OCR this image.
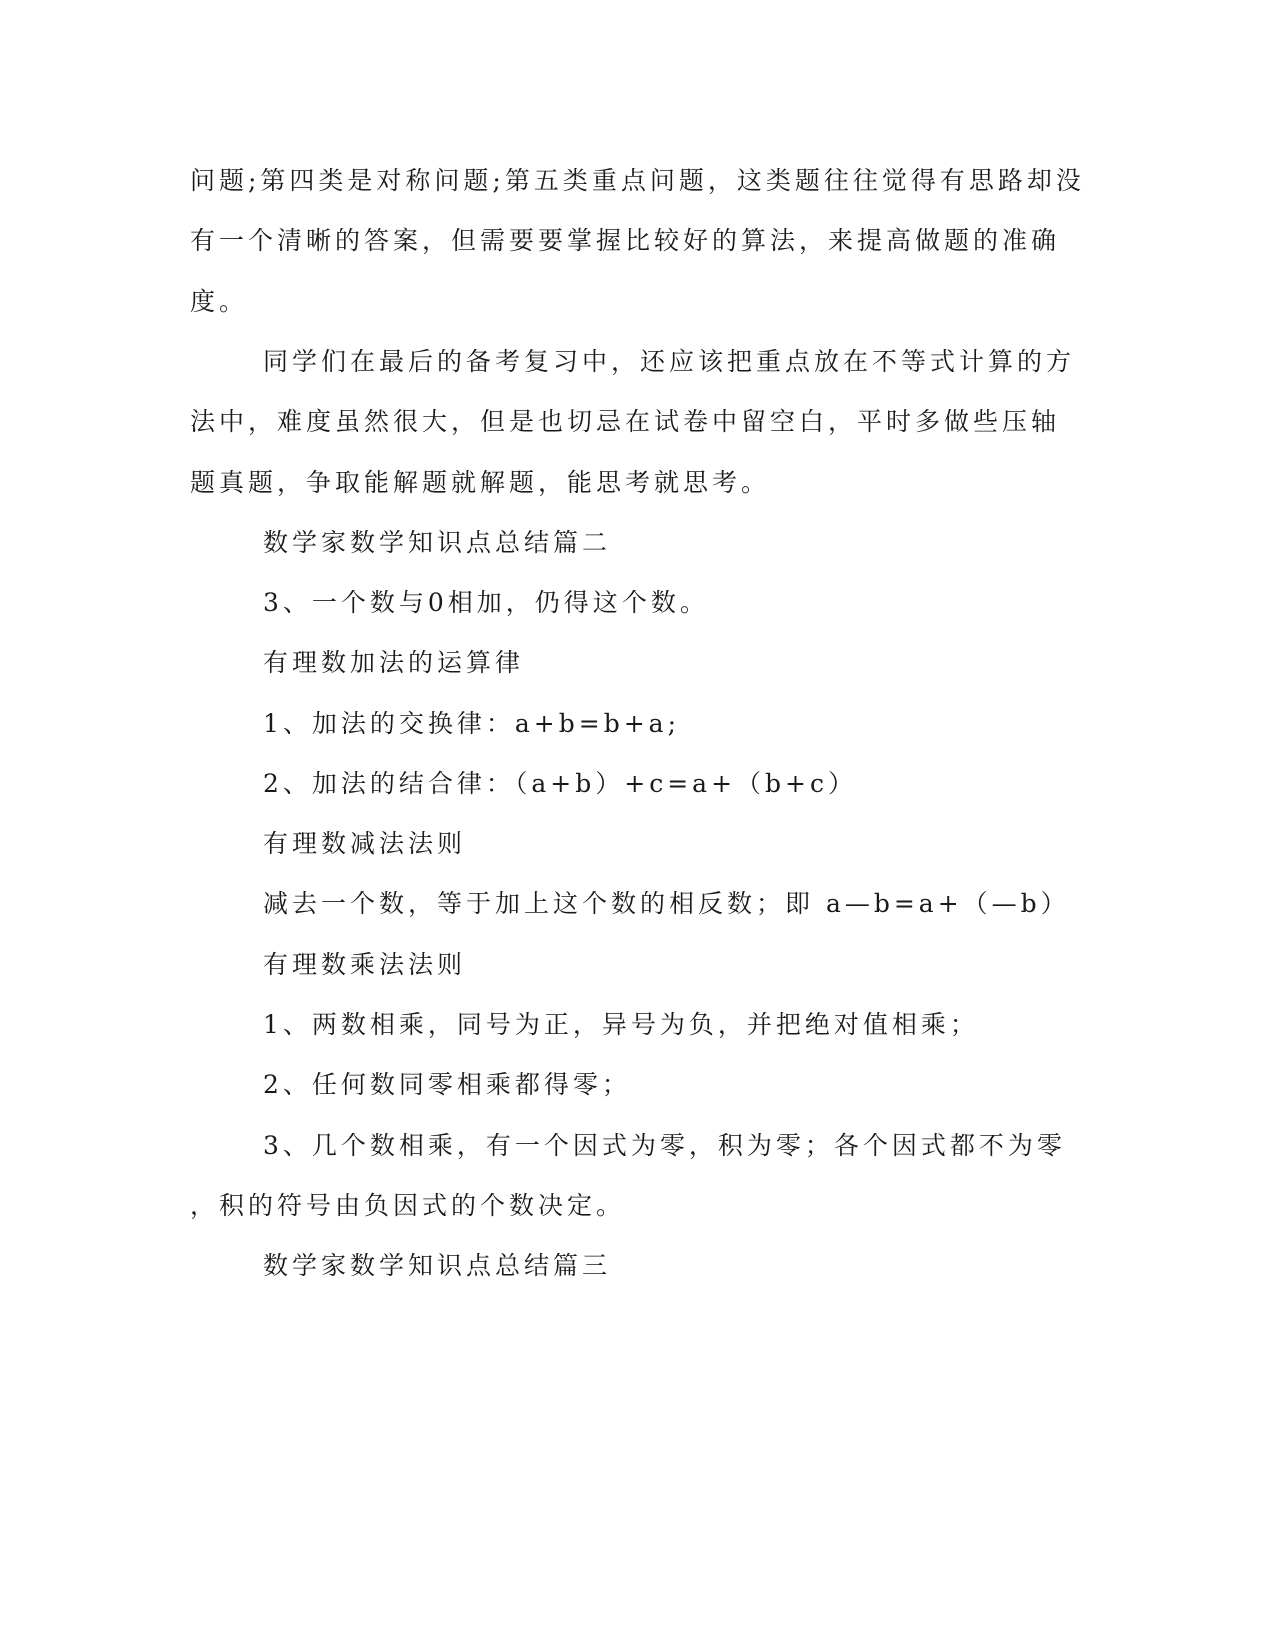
问题;第四类是对称问题;第五类重点问题，这类题往往觉得有思路却没
有一个清晰的答案，但需要要掌握比较好的算法，来提高做题的准确
度。
同学们在最后的备考复习中，还应该把重点放在不等式计算的方
法中，难度虽然很大，但是也切忌在试卷中留空白，平时多做些压轴
题真题，争取能解题就解题，能思考就思考。
数学家数学知识点总结篇二
3、一个数与0相加，仍得这个数。
有理数加法的运算律
1、加法的交换律：a+b=b+a;
2、加法的结合律：（a+b）+c=a+（b+c）
有理数减法法则
减去一个数，等于加上这个数的相反数；即 a—b=a+（—b）
有理数乘法法则
1、两数相乘，同号为正，异号为负，并把绝对值相乘；
2、任何数同零相乘都得零；
3、几个数相乘，有一个因式为零，积为零；各个因式都不为零
，积的符号由负因式的个数决定。
数学家数学知识点总结篇三
